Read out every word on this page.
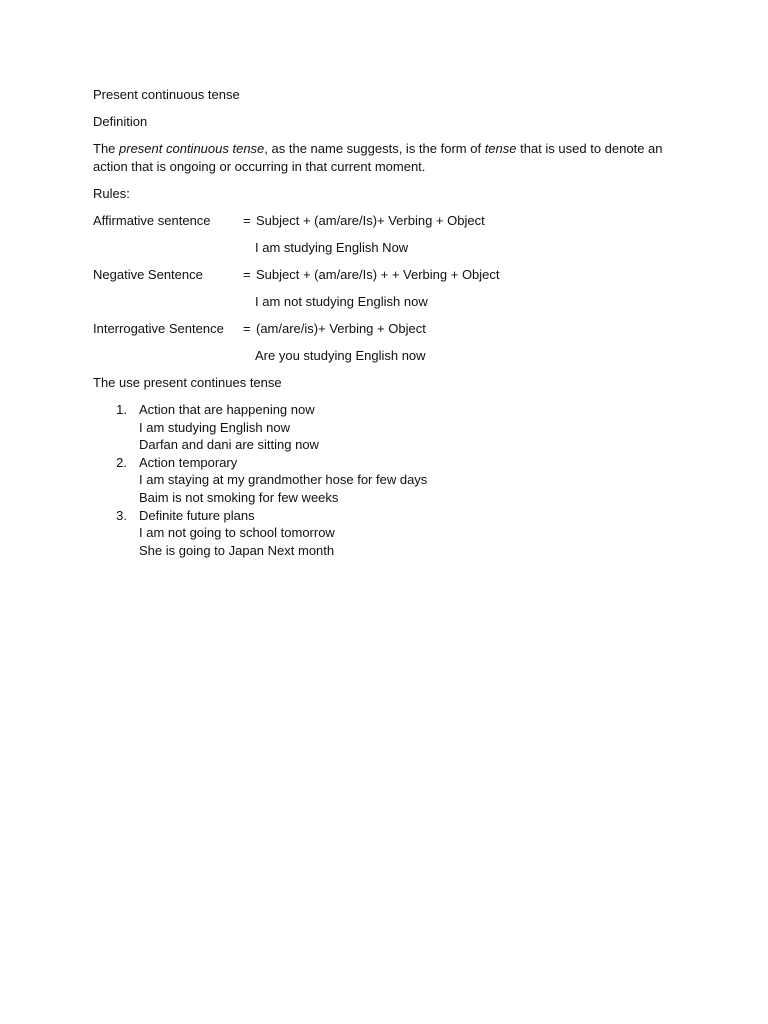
Present continuous tense

Definition

The present continuous tense, as the name suggests, is the form of tense that is used to denote an action that is ongoing or occurring in that current moment.

Rules:

Affirmative sentence	= Subject + (am/are/Is)+ Verbing + Object

I am studying English Now

Negative Sentence	= Subject + (am/are/Is) + + Verbing + Object

I am not studying English now

Interrogative Sentence	= (am/are/is)+ Verbing + Object

Are you studying English now

The use present continues tense

1. Action that are happening now
I am studying English now
Darfan and dani are sitting now
2. Action temporary
I am staying at my grandmother hose for few days
Baim is not smoking for few weeks
3. Definite future plans
I am not going to school tomorrow
She is going to Japan Next month
